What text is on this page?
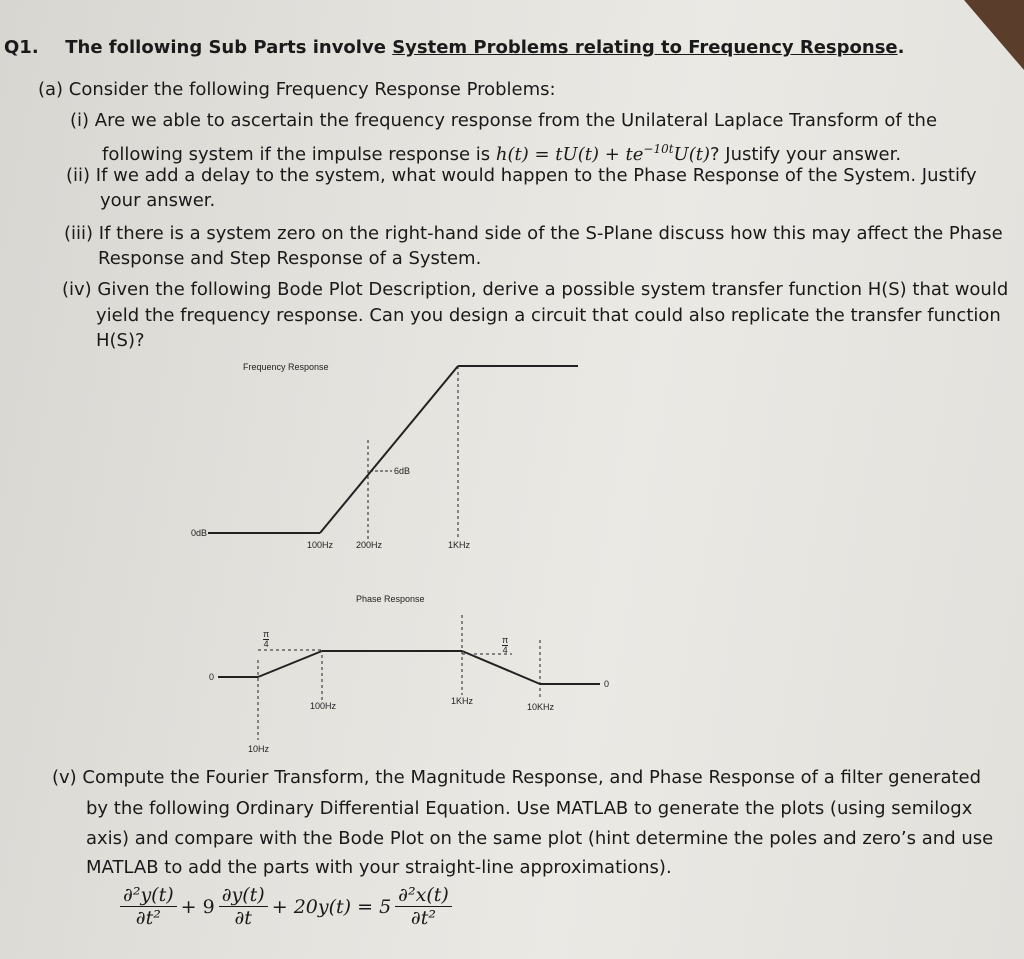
Q1. The following Sub Parts involve System Problems relating to Frequency Response.
(a) Consider the following Frequency Response Problems:
(i) Are we able to ascertain the frequency response from the Unilateral Laplace Transform of the
following system if the impulse response is $h(t) = tU(t) + te^{-10t}U(t)$? Justify your answer.
(ii) If we add a delay to the system, what would happen to the Phase Response of the System. Justify
your answer.
(iii) If there is a system zero on the right-hand side of the S-Plane discuss how this may affect the Phase
Response and Step Response of a System.
(iv) Given the following Bode Plot Description, derive a possible system transfer function H(S) that would
yield the frequency response. Can you design a circuit that could also replicate the transfer function
H(S)?
Frequency Response
0dB
6dB
100Hz	200Hz	1KHz
Phase Response
$\frac{\pi}{4}$	$\frac{\pi}{4}$
0
0
100Hz	1KHz
10KHz
10Hz
(v) Compute the Fourier Transform, the Magnitude Response, and Phase Response of a filter generated
by the following Ordinary Differential Equation. Use MATLAB to generate the plots (using semilogx
axis) and compare with the Bode Plot on the same plot (hint determine the poles and zero’s and use
MATLAB to add the parts with your straight-line approximations).
$\frac{\text{∂²y(t)}}{\text{∂t²}} + 9 \frac{\partial y(t)}{\partial t} + 20y(t) = 5 \frac{\text{∂²x(t)}}{\text{∂t²}}$
